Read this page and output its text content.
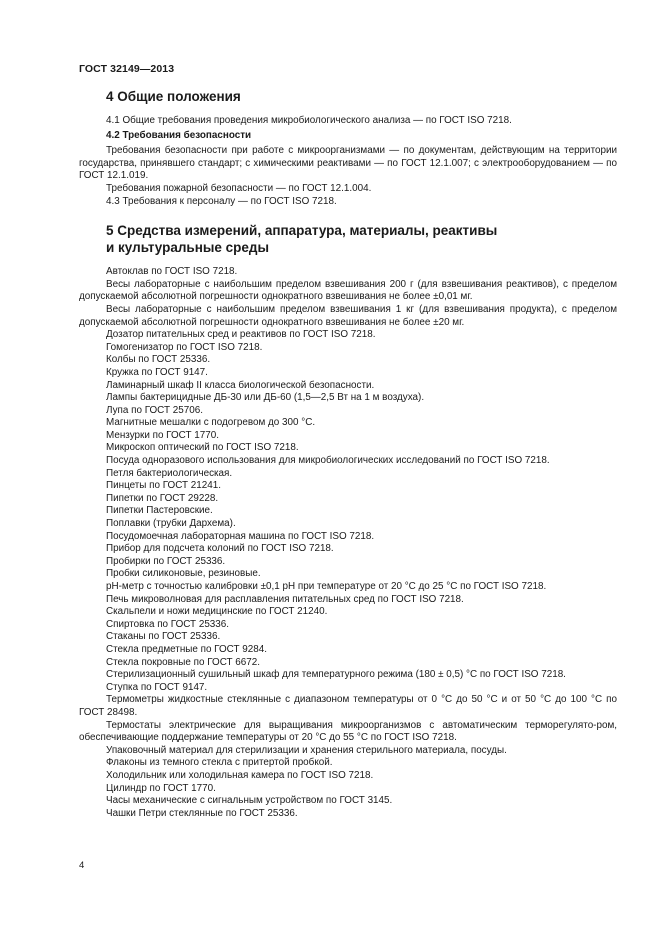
ГОСТ 32149—2013

4 Общие положения

4.1 Общие требования проведения микробиологического анализа — по ГОСТ ISO 7218.

4.2 Требования безопасности

Требования безопасности при работе с микроорганизмами — по документам, действующим на территории государства, принявшего стандарт; с химическими реактивами — по ГОСТ 12.1.007; с электрооборудованием — по ГОСТ 12.1.019.

Требования пожарной безопасности — по ГОСТ 12.1.004.

4.3 Требования к персоналу — по ГОСТ ISO 7218.

5 Средства измерений, аппаратура, материалы, реактивы

и культуральные среды

Автоклав по ГОСТ ISO 7218.

Весы лабораторные с наибольшим пределом взвешивания 200 г (для взвешивания реактивов), с пределом допускаемой абсолютной погрешности однократного взвешивания не более ±0,01 мг.

Весы лабораторные с наибольшим пределом взвешивания 1 кг (для взвешивания продукта), с пределом допускаемой абсолютной погрешности однократного взвешивания не более ±20 мг.

Дозатор питательных сред и реактивов по ГОСТ ISO 7218.

Гомогенизатор по ГОСТ ISO 7218.

Колбы по ГОСТ 25336.

Кружка по ГОСТ 9147.

Ламинарный шкаф II класса биологической безопасности.

Лампы бактерицидные ДБ-30 или ДБ-60 (1,5—2,5 Вт на 1 м воздуха).

Лупа по ГОСТ 25706.

Магнитные мешалки с подогревом до 300 °С.

Мензурки по ГОСТ 1770.

Микроскоп оптический по ГОСТ ISO 7218.

Посуда одноразового использования для микробиологических исследований по ГОСТ ISO 7218.

Петля бактериологическая.

Пинцеты по ГОСТ 21241.

Пипетки по ГОСТ 29228.

Пипетки Пастеровские.

Поплавки (трубки Дархема).

Посудомоечная лабораторная машина по ГОСТ ISO 7218.

Прибор для подсчета колоний по ГОСТ ISO 7218.

Пробирки по ГОСТ 25336.

Пробки силиконовые, резиновые.

рН-метр с точностью калибровки ±0,1 рН при температуре от 20 °С до 25 °С по ГОСТ ISO 7218.

Печь микроволновая для расплавления питательных сред по ГОСТ ISO 7218.

Скальпели и ножи медицинские по ГОСТ 21240.

Спиртовка по ГОСТ 25336.

Стаканы по ГОСТ 25336.

Стекла предметные по ГОСТ 9284.

Стекла покровные по ГОСТ 6672.

Стерилизационный сушильный шкаф для температурного режима (180 ± 0,5) °С по ГОСТ ISO 7218.

Ступка по ГОСТ 9147.

Термометры жидкостные стеклянные с диапазоном температуры от 0 °С до 50 °С и от 50 °С до 100 °С по ГОСТ 28498.

Термостаты электрические для выращивания микроорганизмов с автоматическим терморегулято-ром, обеспечивающие поддержание температуры от 20 °С до 55 °С по ГОСТ ISO 7218.

Упаковочный материал для стерилизации и хранения стерильного материала, посуды.

Флаконы из темного стекла с притертой пробкой.

Холодильник или холодильная камера по ГОСТ ISO 7218.

Цилиндр по ГОСТ 1770.

Часы механические с сигнальным устройством по ГОСТ 3145.

Чашки Петри стеклянные по ГОСТ 25336.

4
